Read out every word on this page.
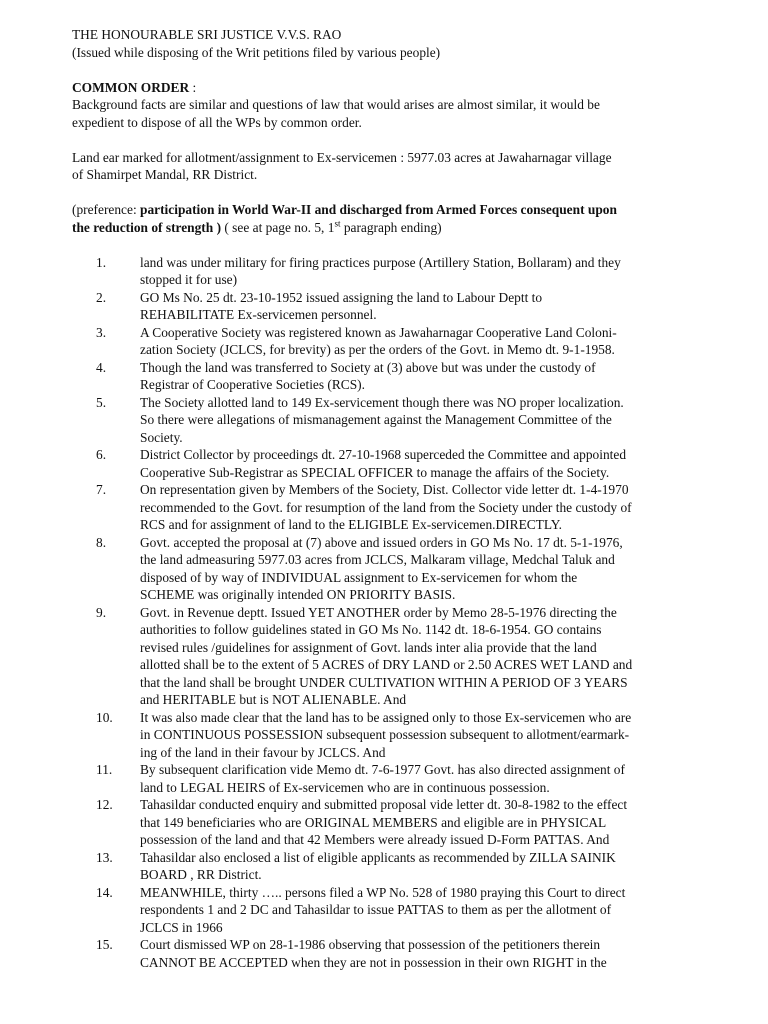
THE HONOURABLE SRI JUSTICE V.V.S. RAO
(Issued while disposing of the Writ petitions filed by various people)
COMMON ORDER :
Background facts are similar and questions of law that would arises are almost similar, it would be
expedient to dispose of all the WPs by common order.
Land ear marked for allotment/assignment to Ex-servicemen : 5977.03 acres at Jawaharnagar village
of Shamirpet Mandal, RR District.
(preference: participation in World War-II and discharged from Armed Forces consequent upon
the reduction of strength ) ( see at page no. 5, 1st paragraph ending)
1.	land was under military for firing practices purpose (Artillery Station, Bollaram) and they
stopped it for use)
2.	GO Ms No. 25 dt. 23-10-1952 issued assigning the land to Labour Deptt to
REHABILITATE Ex-servicemen personnel.
3.	A Cooperative Society was registered known as Jawaharnagar Cooperative Land Coloni-
zation Society (JCLCS, for brevity) as per the orders of the Govt. in Memo dt. 9-1-1958.
4.	Though the land was transferred to Society at (3) above but was under the custody of
Registrar of Cooperative Societies (RCS).
5.	The Society allotted land to 149 Ex-servicement though there was NO proper localization.
So there were allegations of mismanagement against the Management Committee of the
Society.
6.	District Collector by proceedings dt. 27-10-1968 superceded the Committee and appointed
Cooperative Sub-Registrar as SPECIAL OFFICER to manage the affairs of the Society.
7.	On representation given by Members of the Society, Dist. Collector vide letter dt. 1-4-1970
recommended to the Govt. for resumption of the land from the Society under the custody of
RCS and for assignment of land to the ELIGIBLE Ex-servicemen.DIRECTLY.
8.	Govt. accepted the proposal at (7) above and issued orders in GO Ms No. 17 dt. 5-1-1976,
the land admeasuring 5977.03 acres from JCLCS, Malkaram village, Medchal Taluk and
disposed of by way of INDIVIDUAL assignment to Ex-servicemen for whom the
SCHEME was originally intended ON PRIORITY BASIS.
9.	Govt. in Revenue deptt. Issued YET ANOTHER order by Memo 28-5-1976 directing the
authorities to follow guidelines stated in GO Ms No. 1142 dt. 18-6-1954. GO contains
revised rules /guidelines for assignment of Govt. lands inter alia provide that the land
allotted shall be to the extent of 5 ACRES of DRY LAND or 2.50 ACRES WET LAND and
that the land shall be brought UNDER CULTIVATION WITHIN A PERIOD OF 3 YEARS
and HERITABLE but is NOT ALIENABLE. And
10. It was also made clear that the land has to be assigned only to those Ex-servicemen who are
in CONTINUOUS POSSESSION subsequent possession subsequent to allotment/earmark-
ing of the land in their favour by JCLCS. And
11. By subsequent clarification vide Memo dt. 7-6-1977 Govt. has also directed assignment of
land to LEGAL HEIRS of Ex-servicemen who are in continuous possession.
12. Tahasildar conducted enquiry and submitted proposal vide letter dt. 30-8-1982 to the effect
that 149 beneficiaries who are ORIGINAL MEMBERS and eligible are in PHYSICAL
possession of the land and that 42 Members were already issued D-Form PATTAS. And
13. Tahasildar also enclosed a list of eligible applicants as recommended by ZILLA SAINIK
BOARD , RR District.
14. MEANWHILE, thirty ….. persons filed a WP No. 528 of 1980 praying this Court to direct
respondents 1 and 2 DC and Tahasildar to issue PATTAS to them as per the allotment of
JCLCS in 1966
15. Court dismissed WP on 28-1-1986 observing that possession of the petitioners therein
CANNOT BE ACCEPTED when they are not in possession in their own RIGHT in the
